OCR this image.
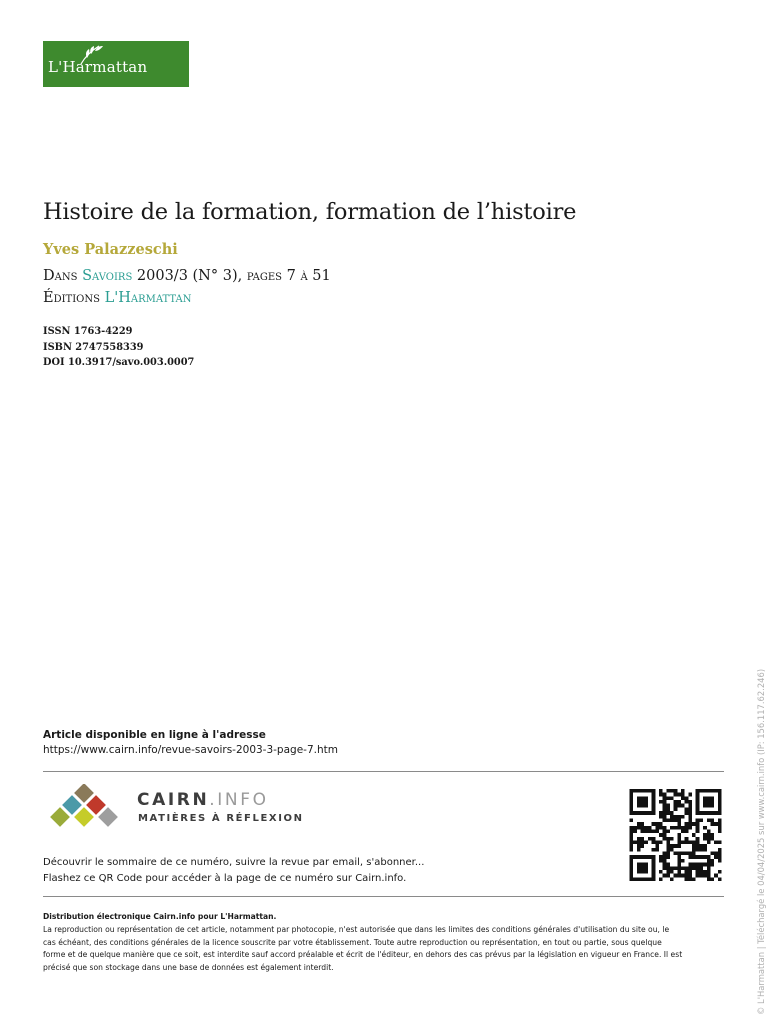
L'Harmattan
Histoire de la formation, formation de l’histoire
Yves Palazzeschi
Dans Savoirs 2003/3 (N° 3), pages 7 à 51
Éditions L'Harmattan
ISSN 1763-4229
ISBN 2747558339
DOI 10.3917/savo.003.0007
Article disponible en ligne à l'adresse
https://www.cairn.info/revue-savoirs-2003-3-page-7.htm
CAIRN.INFO
MATIÈRES À RÉFLEXION
Découvrir le sommaire de ce numéro, suivre la revue par email, s'abonner...
Flashez ce QR Code pour accéder à la page de ce numéro sur Cairn.info.
Distribution électronique Cairn.info pour L'Harmattan.
La reproduction ou représentation de cet article, notamment par photocopie, n'est autorisée que dans les limites des conditions générales d'utilisation du site ou, le
cas échéant, des conditions générales de la licence souscrite par votre établissement. Toute autre reproduction ou représentation, en tout ou partie, sous quelque
forme et de quelque manière que ce soit, est interdite sauf accord préalable et écrit de l'éditeur, en dehors des cas prévus par la législation en vigueur en France. Il est
précisé que son stockage dans une base de données est également interdit.	© L'Harmattan | Téléchargé le 04/04/2025 sur www.cairn.info (IP: 156.117.62.246)
